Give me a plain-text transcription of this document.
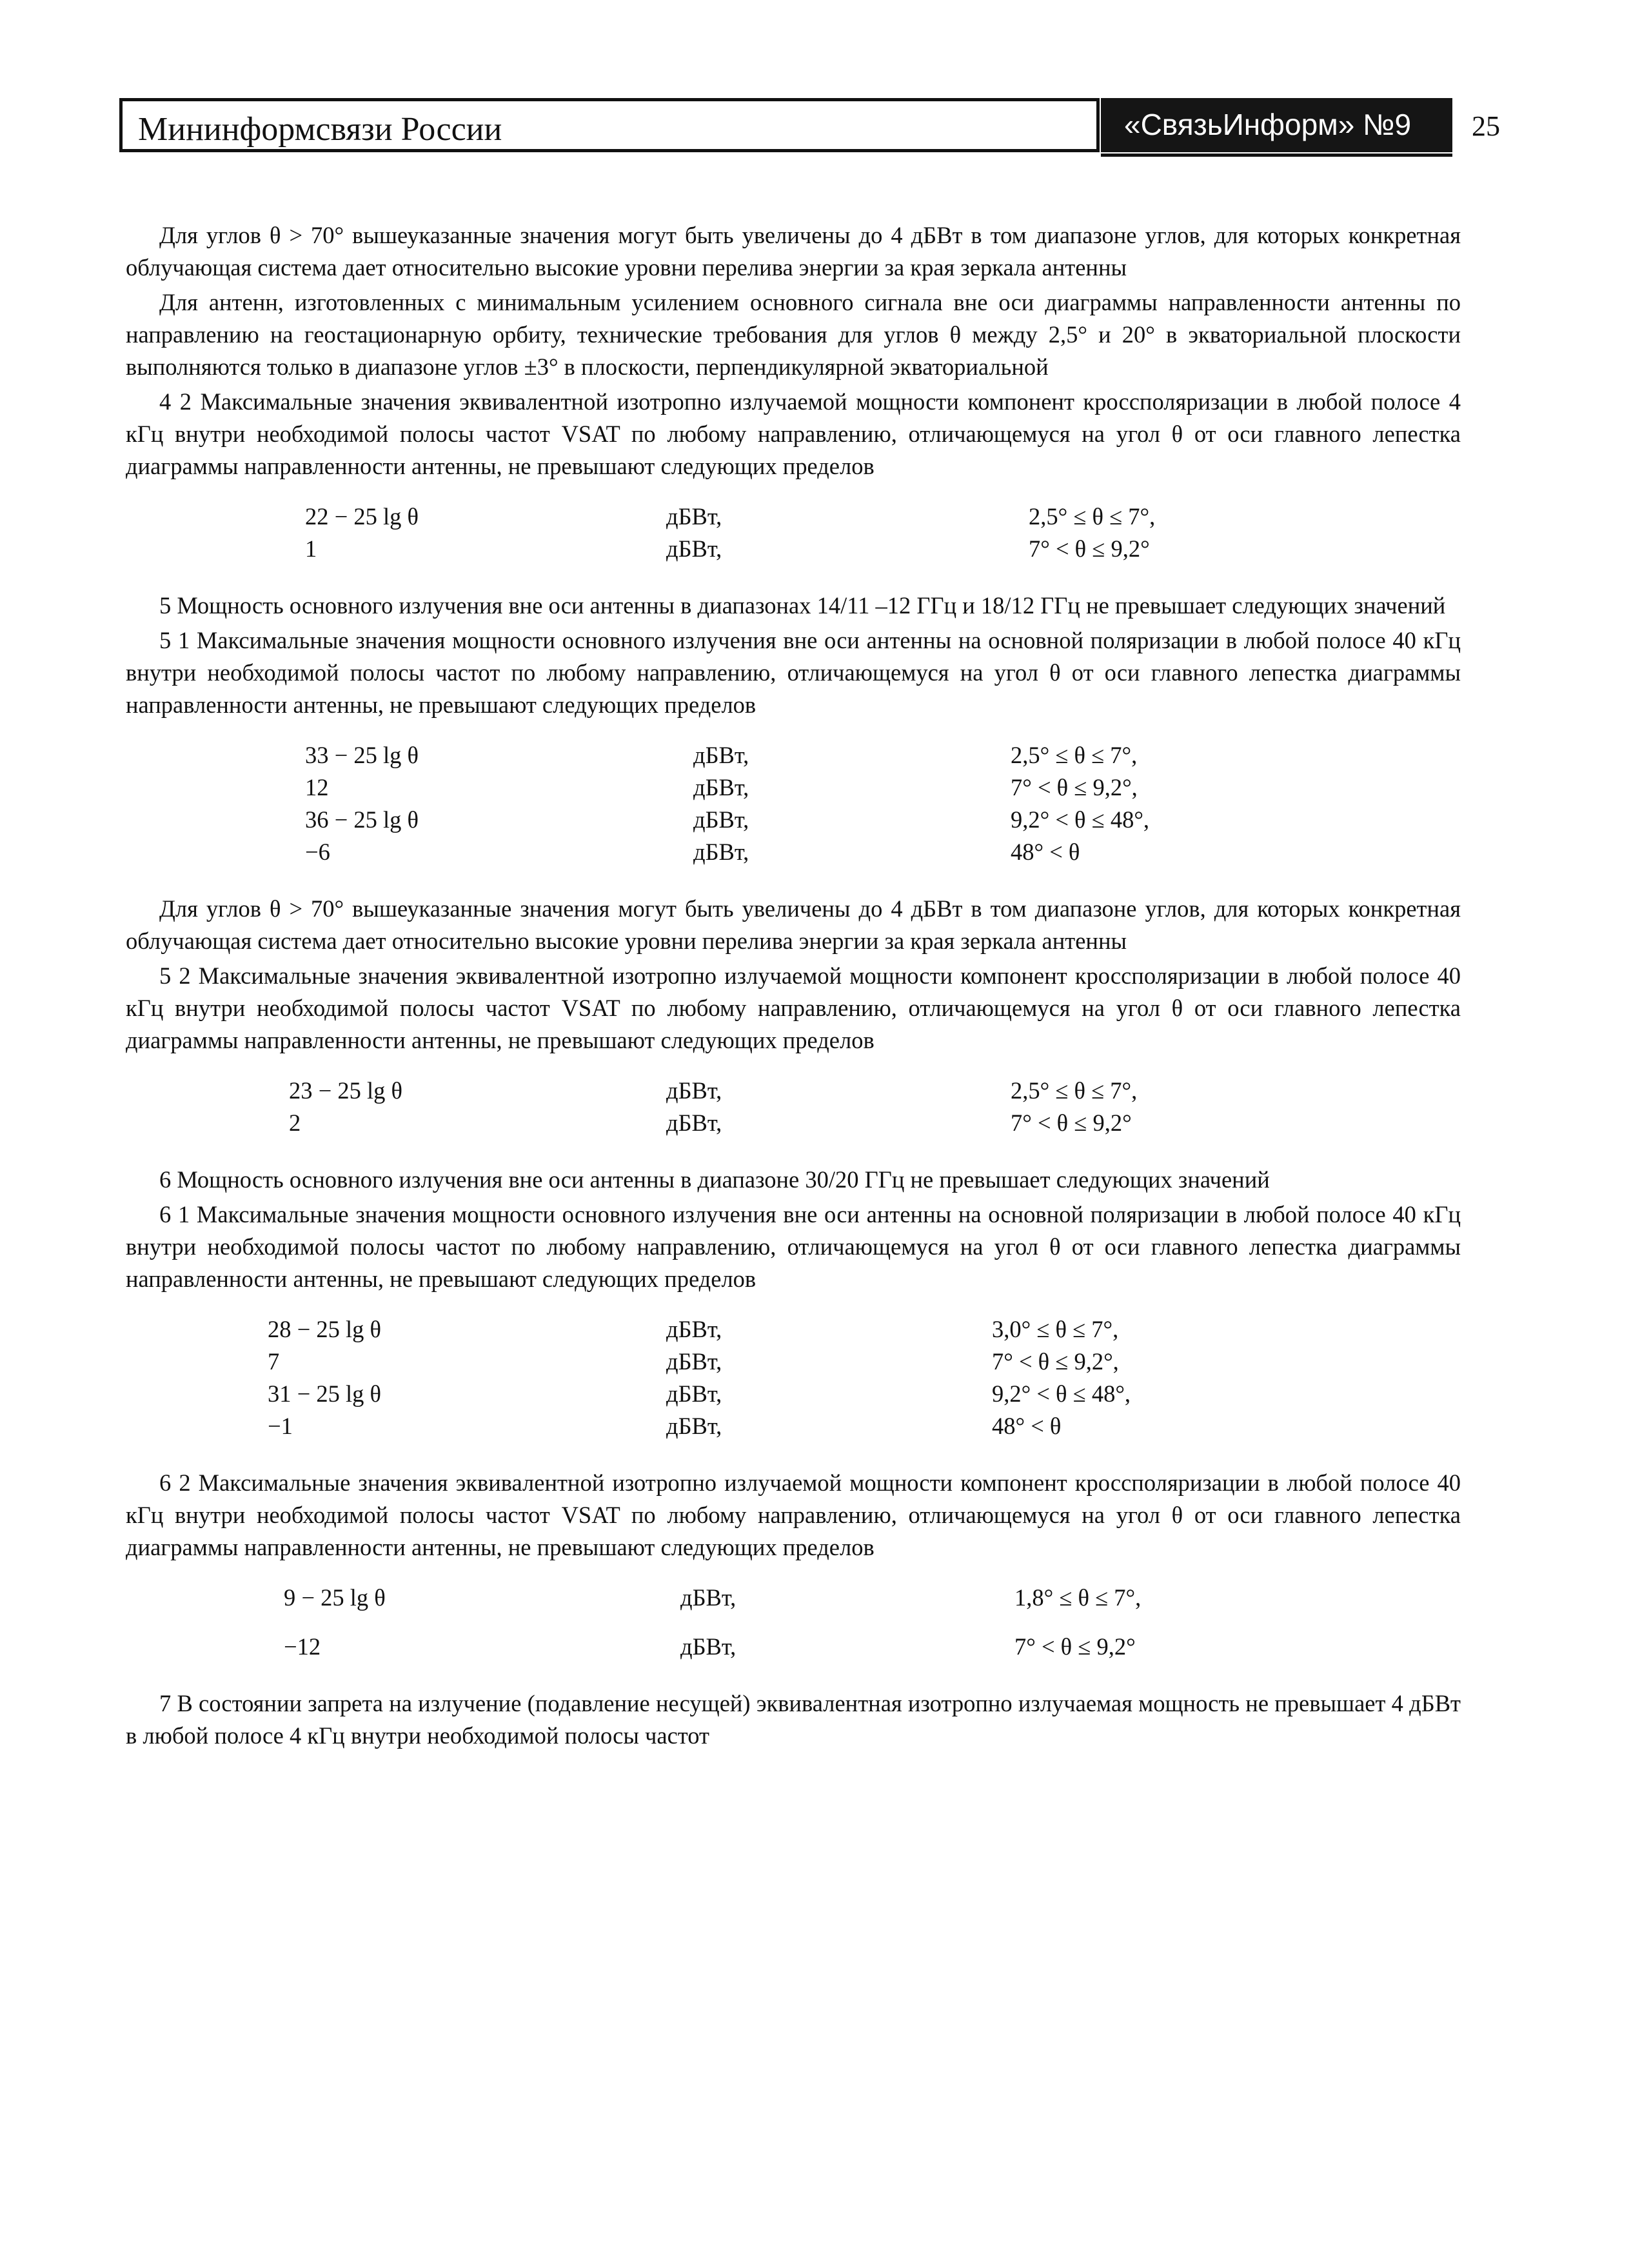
Мининформсвязи России	«СвязьИнформ» №9 25

Для углов θ > 70° вышеуказанные значения могут быть увеличены до 4 дБВт в том диапазоне углов, для которых конкретная облучающая система дает относительно высокие уровни перелива энергии за края зеркала антенны

Для антенн, изготовленных с минимальным усилением основного сигнала вне оси диаграммы направленности антенны по направлению на геостационарную орбиту, технические требования для углов θ между 2,5° и 20° в экваториальной плоскости выполняются только в диапазоне углов ±3° в плоскости, перпендикулярной экваториальной

4 2 Максимальные значения эквивалентной изотропно излучаемой мощности компонент кроссполяризации в любой полосе 4 кГц внутри необходимой полосы частот VSAT по любому направлению, отличающемуся на угол θ от оси главного лепестка диаграммы направленности антенны, не превышают следующих пределов

22 − 25 lg θ	дБВт,	2,5° ≤ θ ≤ 7°,
1	дБВт,	7° < θ ≤ 9,2°

5 Мощность основного излучения вне оси антенны в диапазонах 14/11 –12 ГГц и 18/12 ГГц не превышает следующих значений

5 1 Максимальные значения мощности основного излучения вне оси антенны на основной поляризации в любой полосе 40 кГц внутри необходимой полосы частот по любому направлению, отличающемуся на угол θ от оси главного лепестка диаграммы направленности антенны, не превышают следующих пределов

33 − 25 lg θ	дБВт,	2,5° ≤ θ ≤ 7°,
12	дБВт,	7° < θ ≤ 9,2°,
36 − 25 lg θ	дБВт,	9,2° < θ ≤ 48°,
−6	дБВт,	48° < θ

Для углов θ > 70° вышеуказанные значения могут быть увеличены до 4 дБВт в том диапазоне углов, для которых конкретная облучающая система дает относительно высокие уровни перелива энергии за края зеркала антенны

5 2 Максимальные значения эквивалентной изотропно излучаемой мощности компонент кроссполяризации в любой полосе 40 кГц внутри необходимой полосы частот VSAT по любому направлению, отличающемуся на угол θ от оси главного лепестка диаграммы направленности антенны, не превышают следующих пределов

23 − 25 lg θ	дБВт,	2,5° ≤ θ ≤ 7°,
2	дБВт,	7° < θ ≤ 9,2°

6 Мощность основного излучения вне оси антенны в диапазоне 30/20 ГГц не превышает следующих значений

6 1 Максимальные значения мощности основного излучения вне оси антенны на основной поляризации в любой полосе 40 кГц внутри необходимой полосы частот по любому направлению, отличающемуся на угол θ от оси главного лепестка диаграммы направленности антенны, не превышают следующих пределов

28 − 25 lg θ	дБВт,	3,0° ≤ θ ≤ 7°,
7	дБВт,	7° < θ ≤ 9,2°,
31 − 25 lg θ	дБВт,	9,2° < θ ≤ 48°,
−1	дБВт,	48° < θ

6 2 Максимальные значения эквивалентной изотропно излучаемой мощности компонент кроссполяризации в любой полосе 40 кГц внутри необходимой полосы частот VSAT по любому направлению, отличающемуся на угол θ от оси главного лепестка диаграммы направленности антенны, не превышают следующих пределов

9 − 25 lg θ	дБВт,	1,8° ≤ θ ≤ 7°,
−12	дБВт,	7° < θ ≤ 9,2°

7 В состоянии запрета на излучение (подавление несущей) эквивалентная изотропно излучаемая мощность не превышает 4 дБВт в любой полосе 4 кГц внутри необходимой полосы частот
